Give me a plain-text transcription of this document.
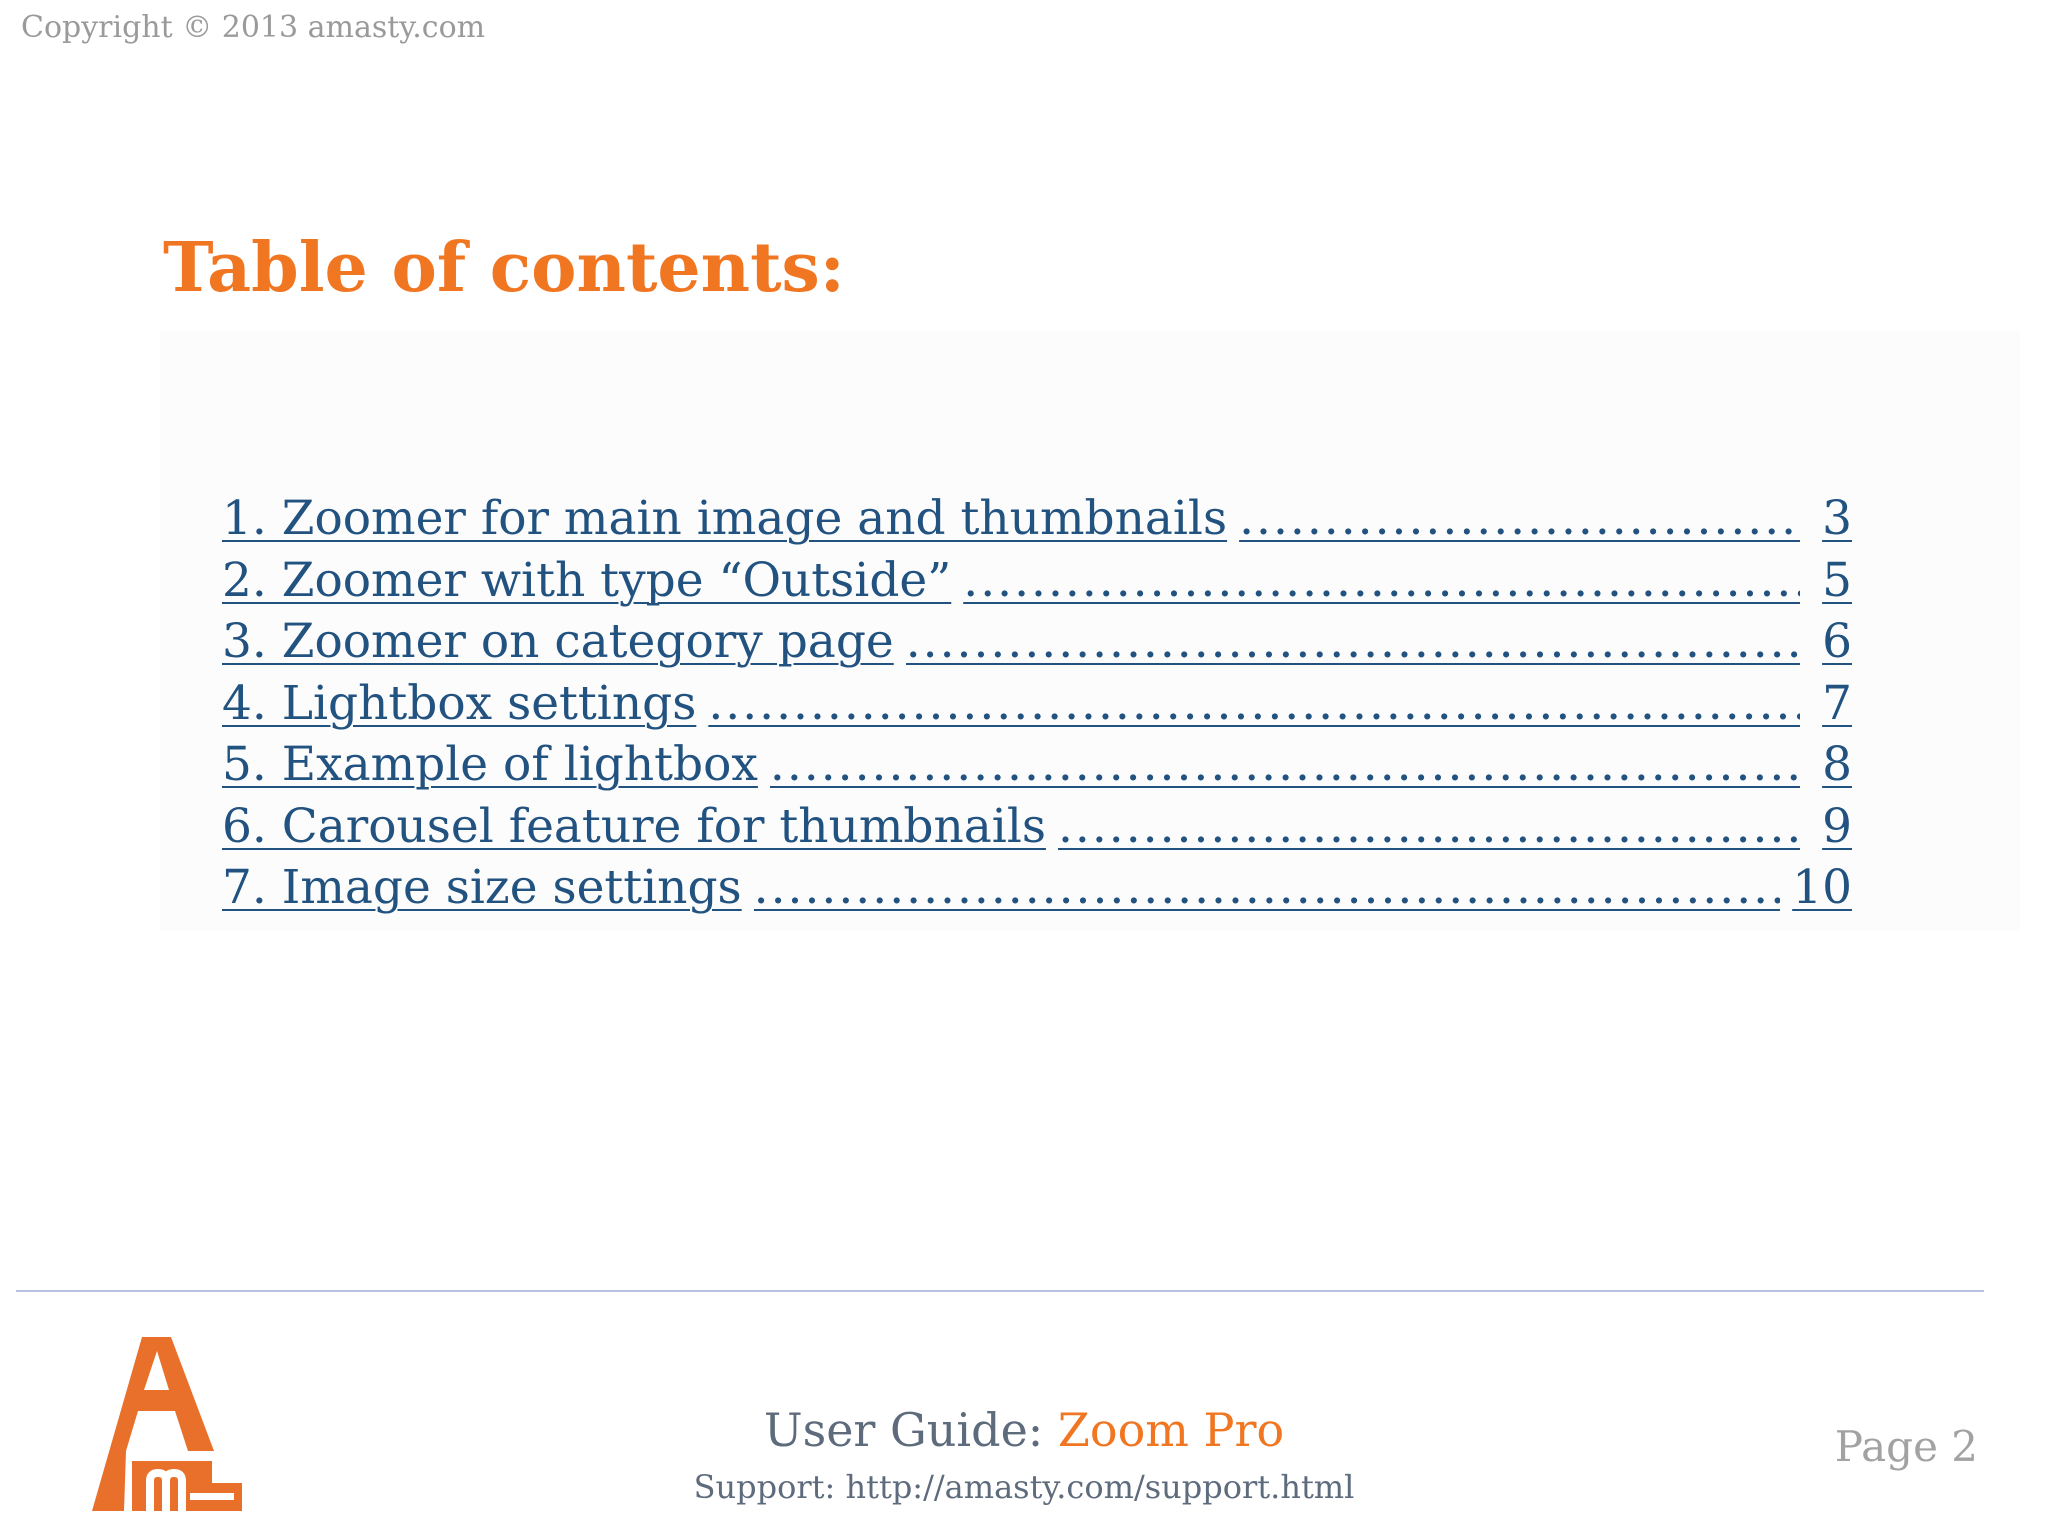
Copyright © 2013 amasty.com
Table of contents:
1. Zoomer for main image and thumbnails .....	3
2. Zoomer with type “Outside” .....	5
3. Zoomer on category page .....	6
4. Lightbox settings .....	7
5. Example of lightbox .....	8
6. Carousel feature for thumbnails .....	9
7. Image size settings .....	10
User Guide: Zoom Pro
Support: http://amasty.com/support.html
Page 2
